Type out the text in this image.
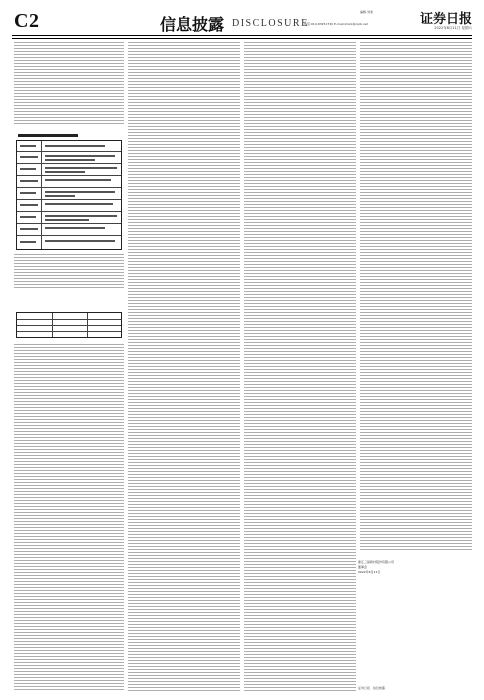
C2	信息披露 DISCLOSURE
编辑 刘欢
电话:010-83251730 E-mail:zmzx@zqrb.net	证券日报
2022年6月11日 星期六
浙江三星新材股份有限公司
董事会
2022年6月11日
证券日报 · 信息披露
